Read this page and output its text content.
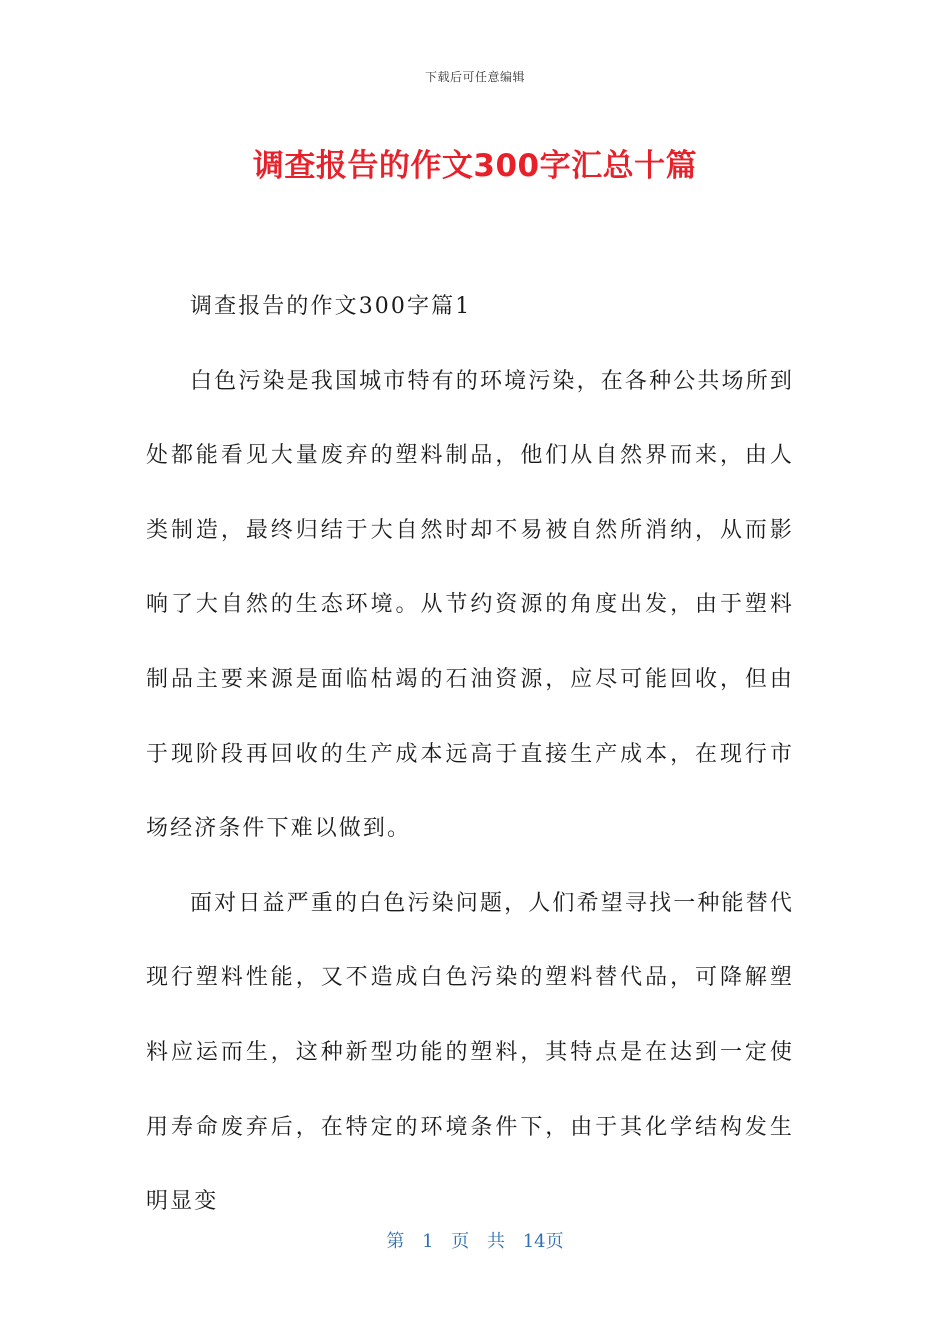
下载后可任意编辑
调查报告的作文300字汇总十篇

调查报告的作文300字篇1

白色污染是我国城市特有的环境污染，在各种公共场所到处都能看见大量废弃的塑料制品，他们从自然界而来，由人类制造，最终归结于大自然时却不易被自然所消纳，从而影响了大自然的生态环境。从节约资源的角度出发，由于塑料制品主要来源是面临枯竭的石油资源，应尽可能回收，但由于现阶段再回收的生产成本远高于直接生产成本，在现行市场经济条件下难以做到。

面对日益严重的白色污染问题，人们希望寻找一种能替代现行塑料性能，又不造成白色污染的塑料替代品，可降解塑料应运而生，这种新型功能的塑料，其特点是在达到一定使用寿命废弃后，在特定的环境条件下，由于其化学结构发生明显变

第 1 页 共 14页
